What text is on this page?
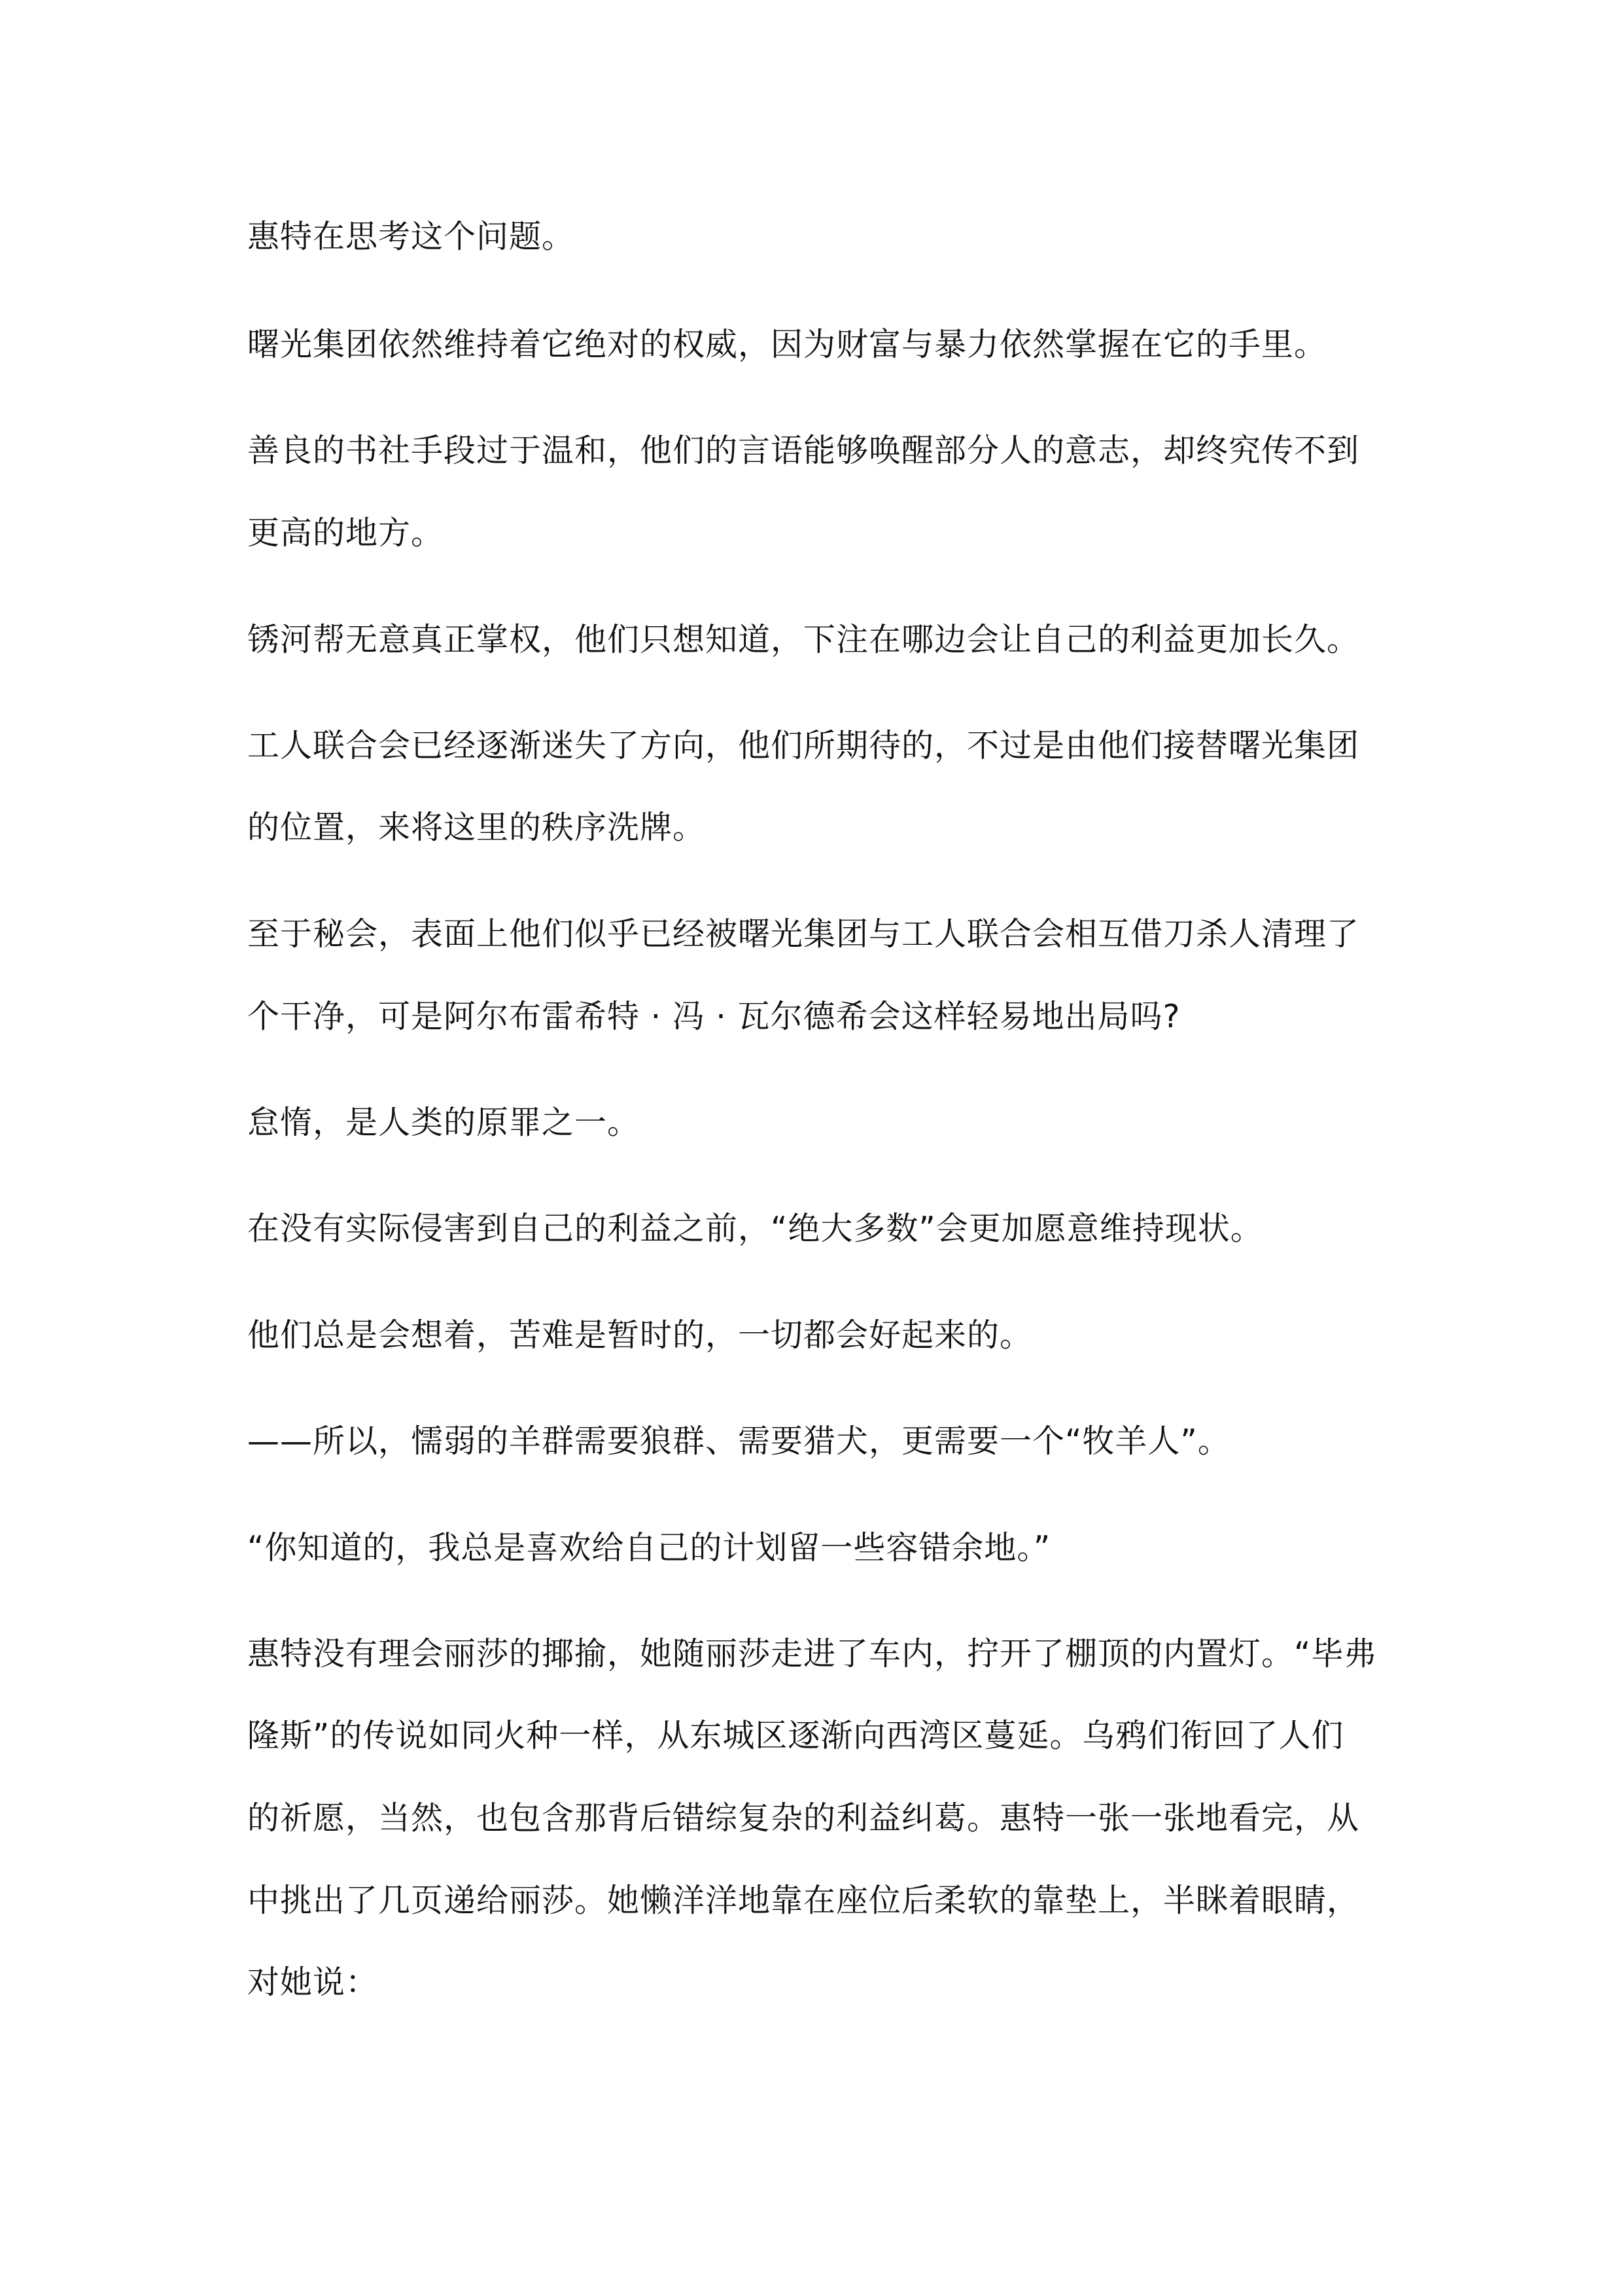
惠特在思考这个问题。
曙光集团依然维持着它绝对的权威，因为财富与暴力依然掌握在它的手里。
善良的书社手段过于温和，他们的言语能够唤醒部分人的意志，却终究传不到
更高的地方。
锈河帮无意真正掌权，他们只想知道，下注在哪边会让自己的利益更加长久。
工人联合会已经逐渐迷失了方向，他们所期待的，不过是由他们接替曙光集团
的位置，来将这里的秩序洗牌。
至于秘会，表面上他们似乎已经被曙光集团与工人联合会相互借刀杀人清理了
个干净，可是阿尔布雷希特 · 冯 · 瓦尔德希会这样轻易地出局吗?
怠惰，是人类的原罪之一。
在没有实际侵害到自己的利益之前，“绝大多数”会更加愿意维持现状。
他们总是会想着，苦难是暂时的，一切都会好起来的。
——所以，懦弱的羊群需要狼群、需要猎犬，更需要一个“牧羊人”。
“你知道的，我总是喜欢给自己的计划留一些容错余地。”
惠特没有理会丽莎的揶揄，她随丽莎走进了车内，拧开了棚顶的内置灯。“毕弗
隆斯”的传说如同火种一样，从东城区逐渐向西湾区蔓延。乌鸦们衔回了人们
的祈愿，当然，也包含那背后错综复杂的利益纠葛。惠特一张一张地看完，从
中挑出了几页递给丽莎。她懒洋洋地靠在座位后柔软的靠垫上，半眯着眼睛，
对她说：
